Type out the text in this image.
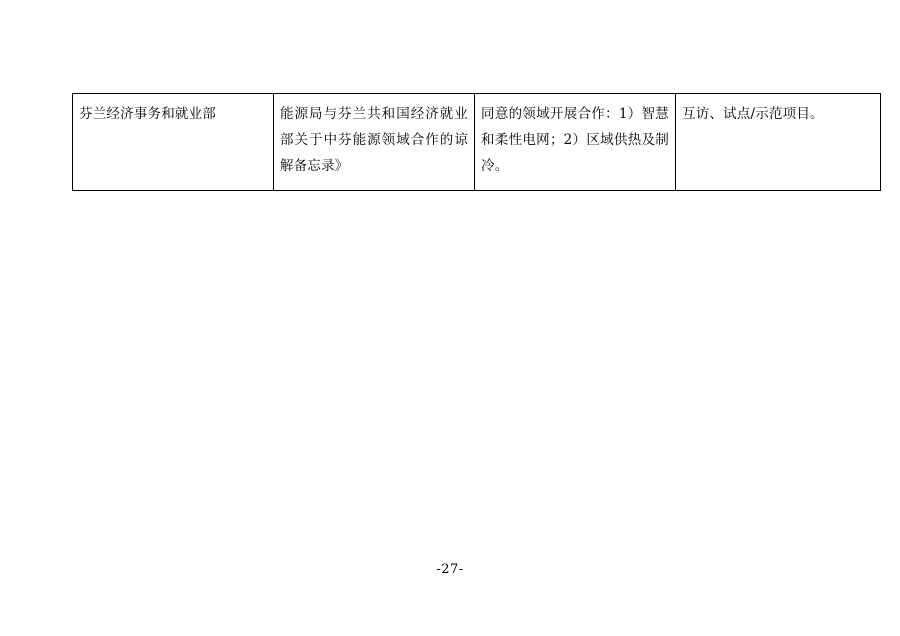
芬兰经济事务和就业部	能源局与芬兰共和国经济就业部关于中芬能源领域合作的谅解备忘录》	同意的领域开展合作：1）智慧和柔性电网；2）区域供热及制冷。	互访、试点/示范项目。
-27-
